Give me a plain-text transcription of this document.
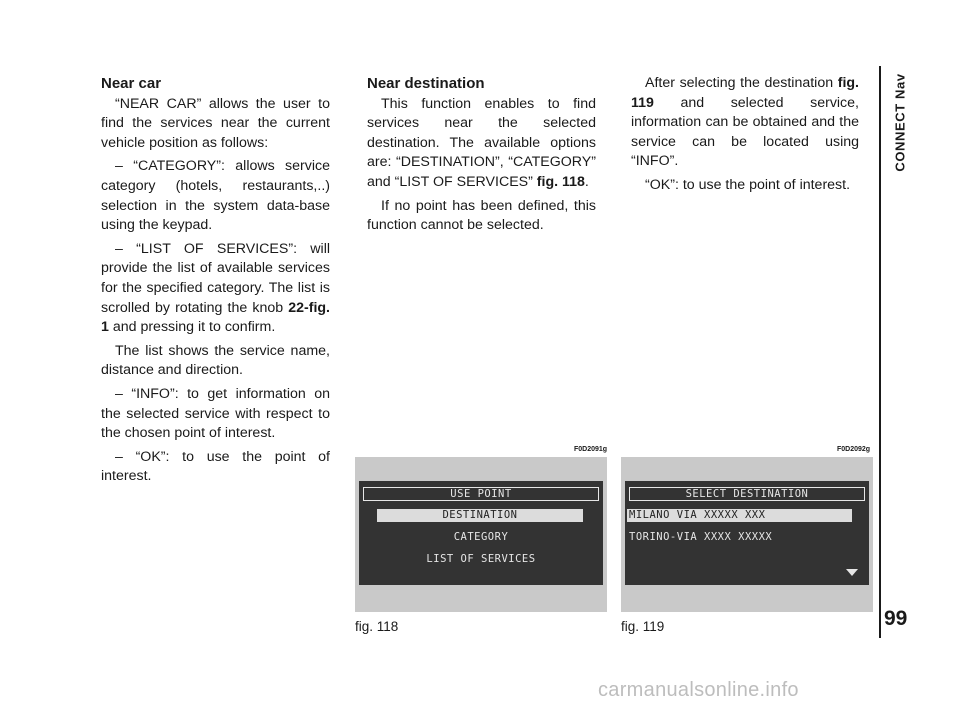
Near car

“NEAR CAR” allows the user to find the services near the current vehicle position as follows:

– “CATEGORY”: allows service category (hotels, restaurants,..) selection in the system data-base using the keypad.

– “LIST OF SERVICES”: will provide the list of available services for the specified category. The list is scrolled by rotating the knob 22-fig. 1 and pressing it to confirm.

The list shows the service name, distance and direction.

– “INFO”: to get information on the selected service with respect to the chosen point of interest.

– “OK”: to use the point of interest.

Near destination

This function enables to find services near the selected destination. The available options are: “DESTINATION”, “CATEGORY” and “LIST OF SERVICES” fig. 118.

If no point has been defined, this function cannot be selected.

After selecting the destination fig. 119 and selected service, information can be obtained and the service can be located using “INFO”.

“OK”: to use the point of interest.

CONNECT Nav
99
F0D2091g
USE POINT
DESTINATION
CATEGORY
LIST OF SERVICES
fig. 118
F0D2092g
SELECT DESTINATION
MILANO VIA XXXXX XXX
TORINO-VIA XXXX XXXXX
fig. 119
carmanualsonline.info
